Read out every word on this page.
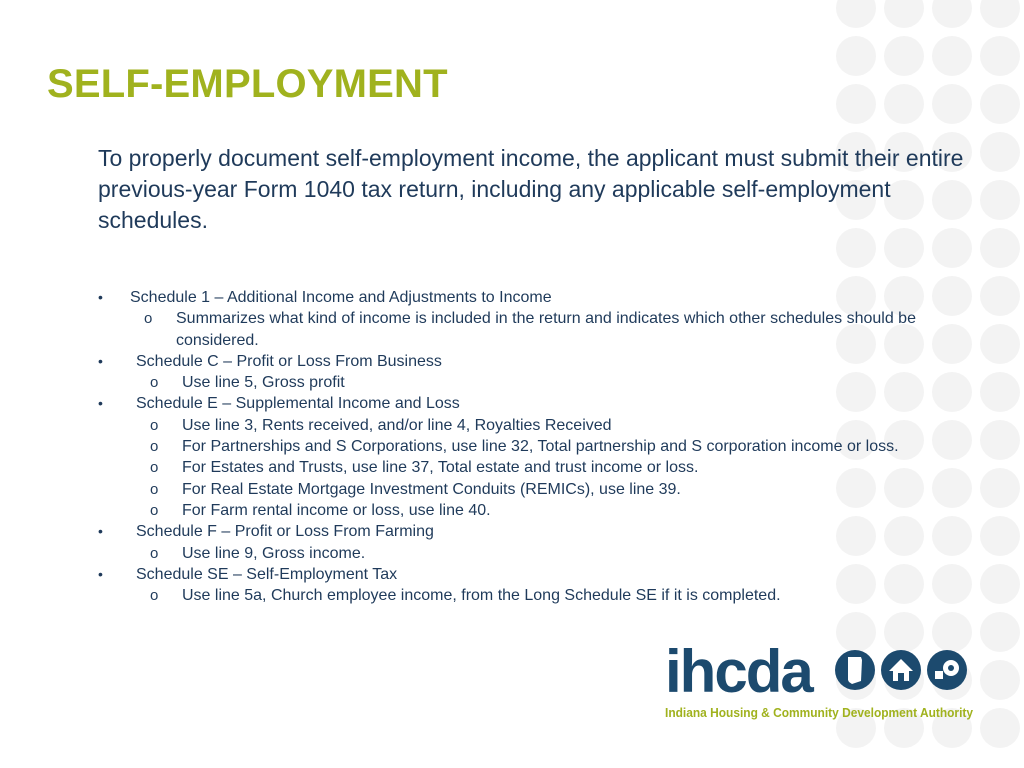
SELF-EMPLOYMENT

To properly document self-employment income, the applicant must submit their entire previous-year Form 1040 tax return, including any applicable self-employment schedules.

•	Schedule 1 – Additional Income and Adjustments to Income
o Summarizes what kind of income is included in the return and indicates which other schedules should be considered.
•	Schedule C – Profit or Loss From Business
o Use line 5, Gross profit
•	Schedule E – Supplemental Income and Loss
o Use line 3, Rents received, and/or line 4, Royalties Received
o For Partnerships and S Corporations, use line 32, Total partnership and S corporation income or loss.
o For Estates and Trusts, use line 37, Total estate and trust income or loss.
o For Real Estate Mortgage Investment Conduits (REMICs), use line 39.
o For Farm rental income or loss, use line 40.
•	Schedule F – Profit or Loss From Farming
o Use line 9, Gross income.
•	Schedule SE – Self-Employment Tax
o Use line 5a, Church employee income, from the Long Schedule SE if it is completed.
ihcda
Indiana Housing & Community Development Authority
